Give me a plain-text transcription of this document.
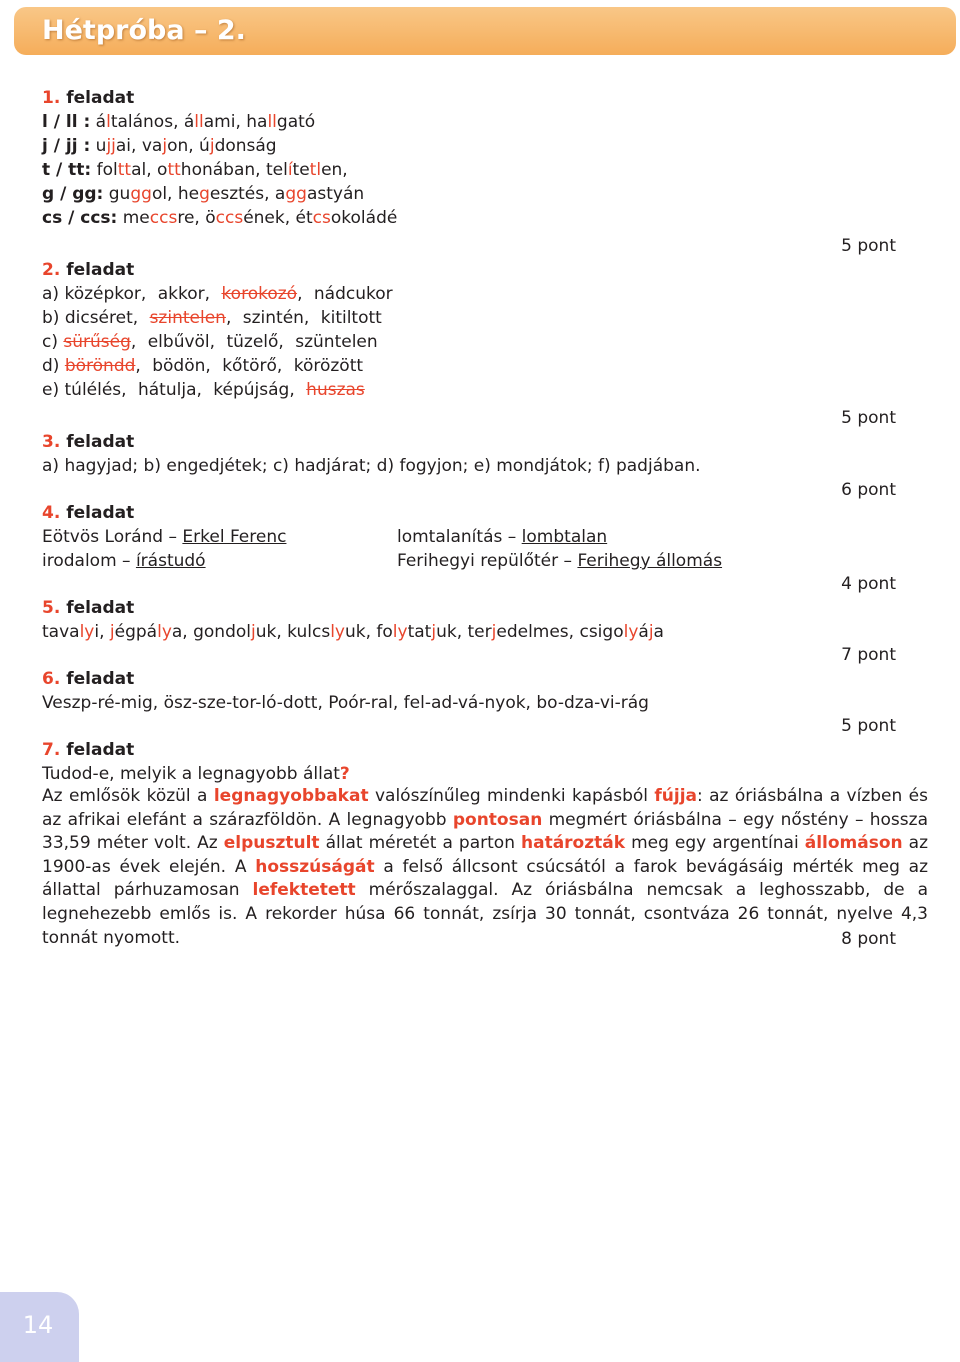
Hétpróba – 2.
1. feladat
l / ll : általános, állami, hallgató
j / jj : ujjai, vajon, újdonság
t / tt: folttal, otthonában, telítetlen,
g / gg: guggol, hegesztés, aggastyán
cs / ccs: meccsre, öccsének, étcsokoládé
5 pont
2. feladat
a) középkor, akkor, korokozó, nádcukor
b) dicséret, szintelen, szintén, kitiltott
c) sürűség, elbűvöl, tüzelő, szüntelen
d) böröndd, bödön, kőtörő, körözött
e) túlélés, hátulja, képújság, huszas
5 pont
3. feladat
a) hagyjad; b) engedjétek; c) hadjárat; d) fogyjon; e) mondjátok; f) padjában.
6 pont
4. feladat
Eötvös Loránd – Erkel Ferenc
irodalom – írástudó
lomtalanítás – lombtalan
Ferihegyi repülőtér – Ferihegy állomás
4 pont
5. feladat
tavalyi, jégpálya, gondoljuk, kulcslyuk, folytatjuk, terjedelmes, csigolyája
7 pont
6. feladat
Veszp-ré-mig, ösz-sze-tor-ló-dott, Poór-ral, fel-ad-vá-nyok, bo-dza-vi-rág
5 pont
7. feladat
Tudod-e, melyik a legnagyobb állat?
Az emlősök közül a legnagyobbakat valószínűleg mindenki kapásból fújja: az óriásbálna a vízben és az afrikai elefánt a szárazföldön. A legnagyobb pontosan megmért óriásbálna – egy nőstény – hossza 33,59 méter volt. Az elpusztult állat méretét a parton határozták meg egy argentínai állomáson az 1900-as évek elején. A hosszúságát a felső állcsont csúcsától a farok bevágásáig mérték meg az állattal párhuzamosan lefektetett mérőszalaggal. Az óriásbálna nemcsak a leghosszabb, de a legnehezebb emlős is. A rekorder húsa 66 tonnát, zsírja 30 tonnát, csontváza 26 tonnát, nyelve 4,3 tonnát nyomott.	8 pont
14
